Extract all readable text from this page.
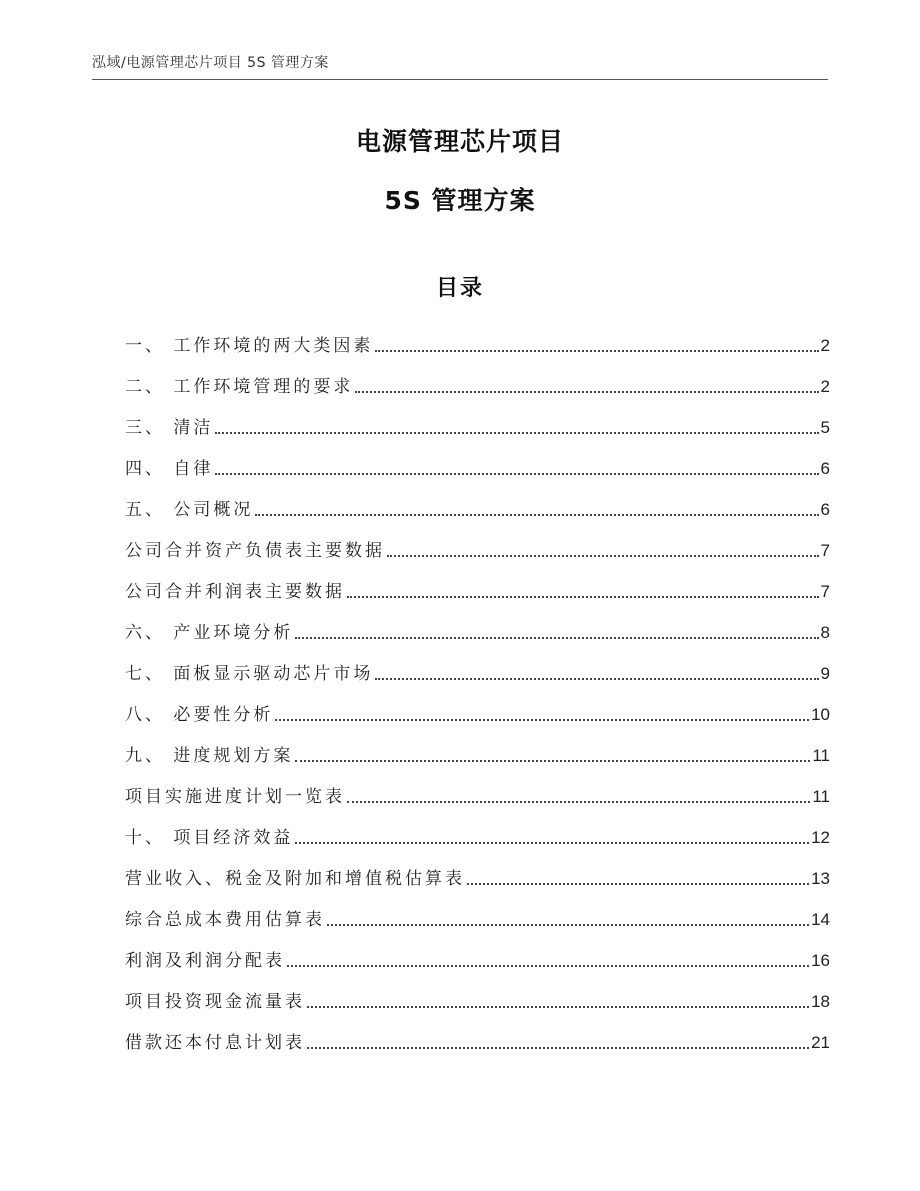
泓域/电源管理芯片项目 5S 管理方案
电源管理芯片项目
5S 管理方案
目录
一、 工作环境的两大类因素	2
二、 工作环境管理的要求	2
三、 清洁	5
四、 自律	6
五、 公司概况	6
公司合并资产负债表主要数据	7
公司合并利润表主要数据	7
六、 产业环境分析	8
七、 面板显示驱动芯片市场	9
八、 必要性分析	10
九、 进度规划方案	11
项目实施进度计划一览表	11
十、 项目经济效益	12
营业收入、税金及附加和增值税估算表	13
综合总成本费用估算表	14
利润及利润分配表	16
项目投资现金流量表	18
借款还本付息计划表	21
